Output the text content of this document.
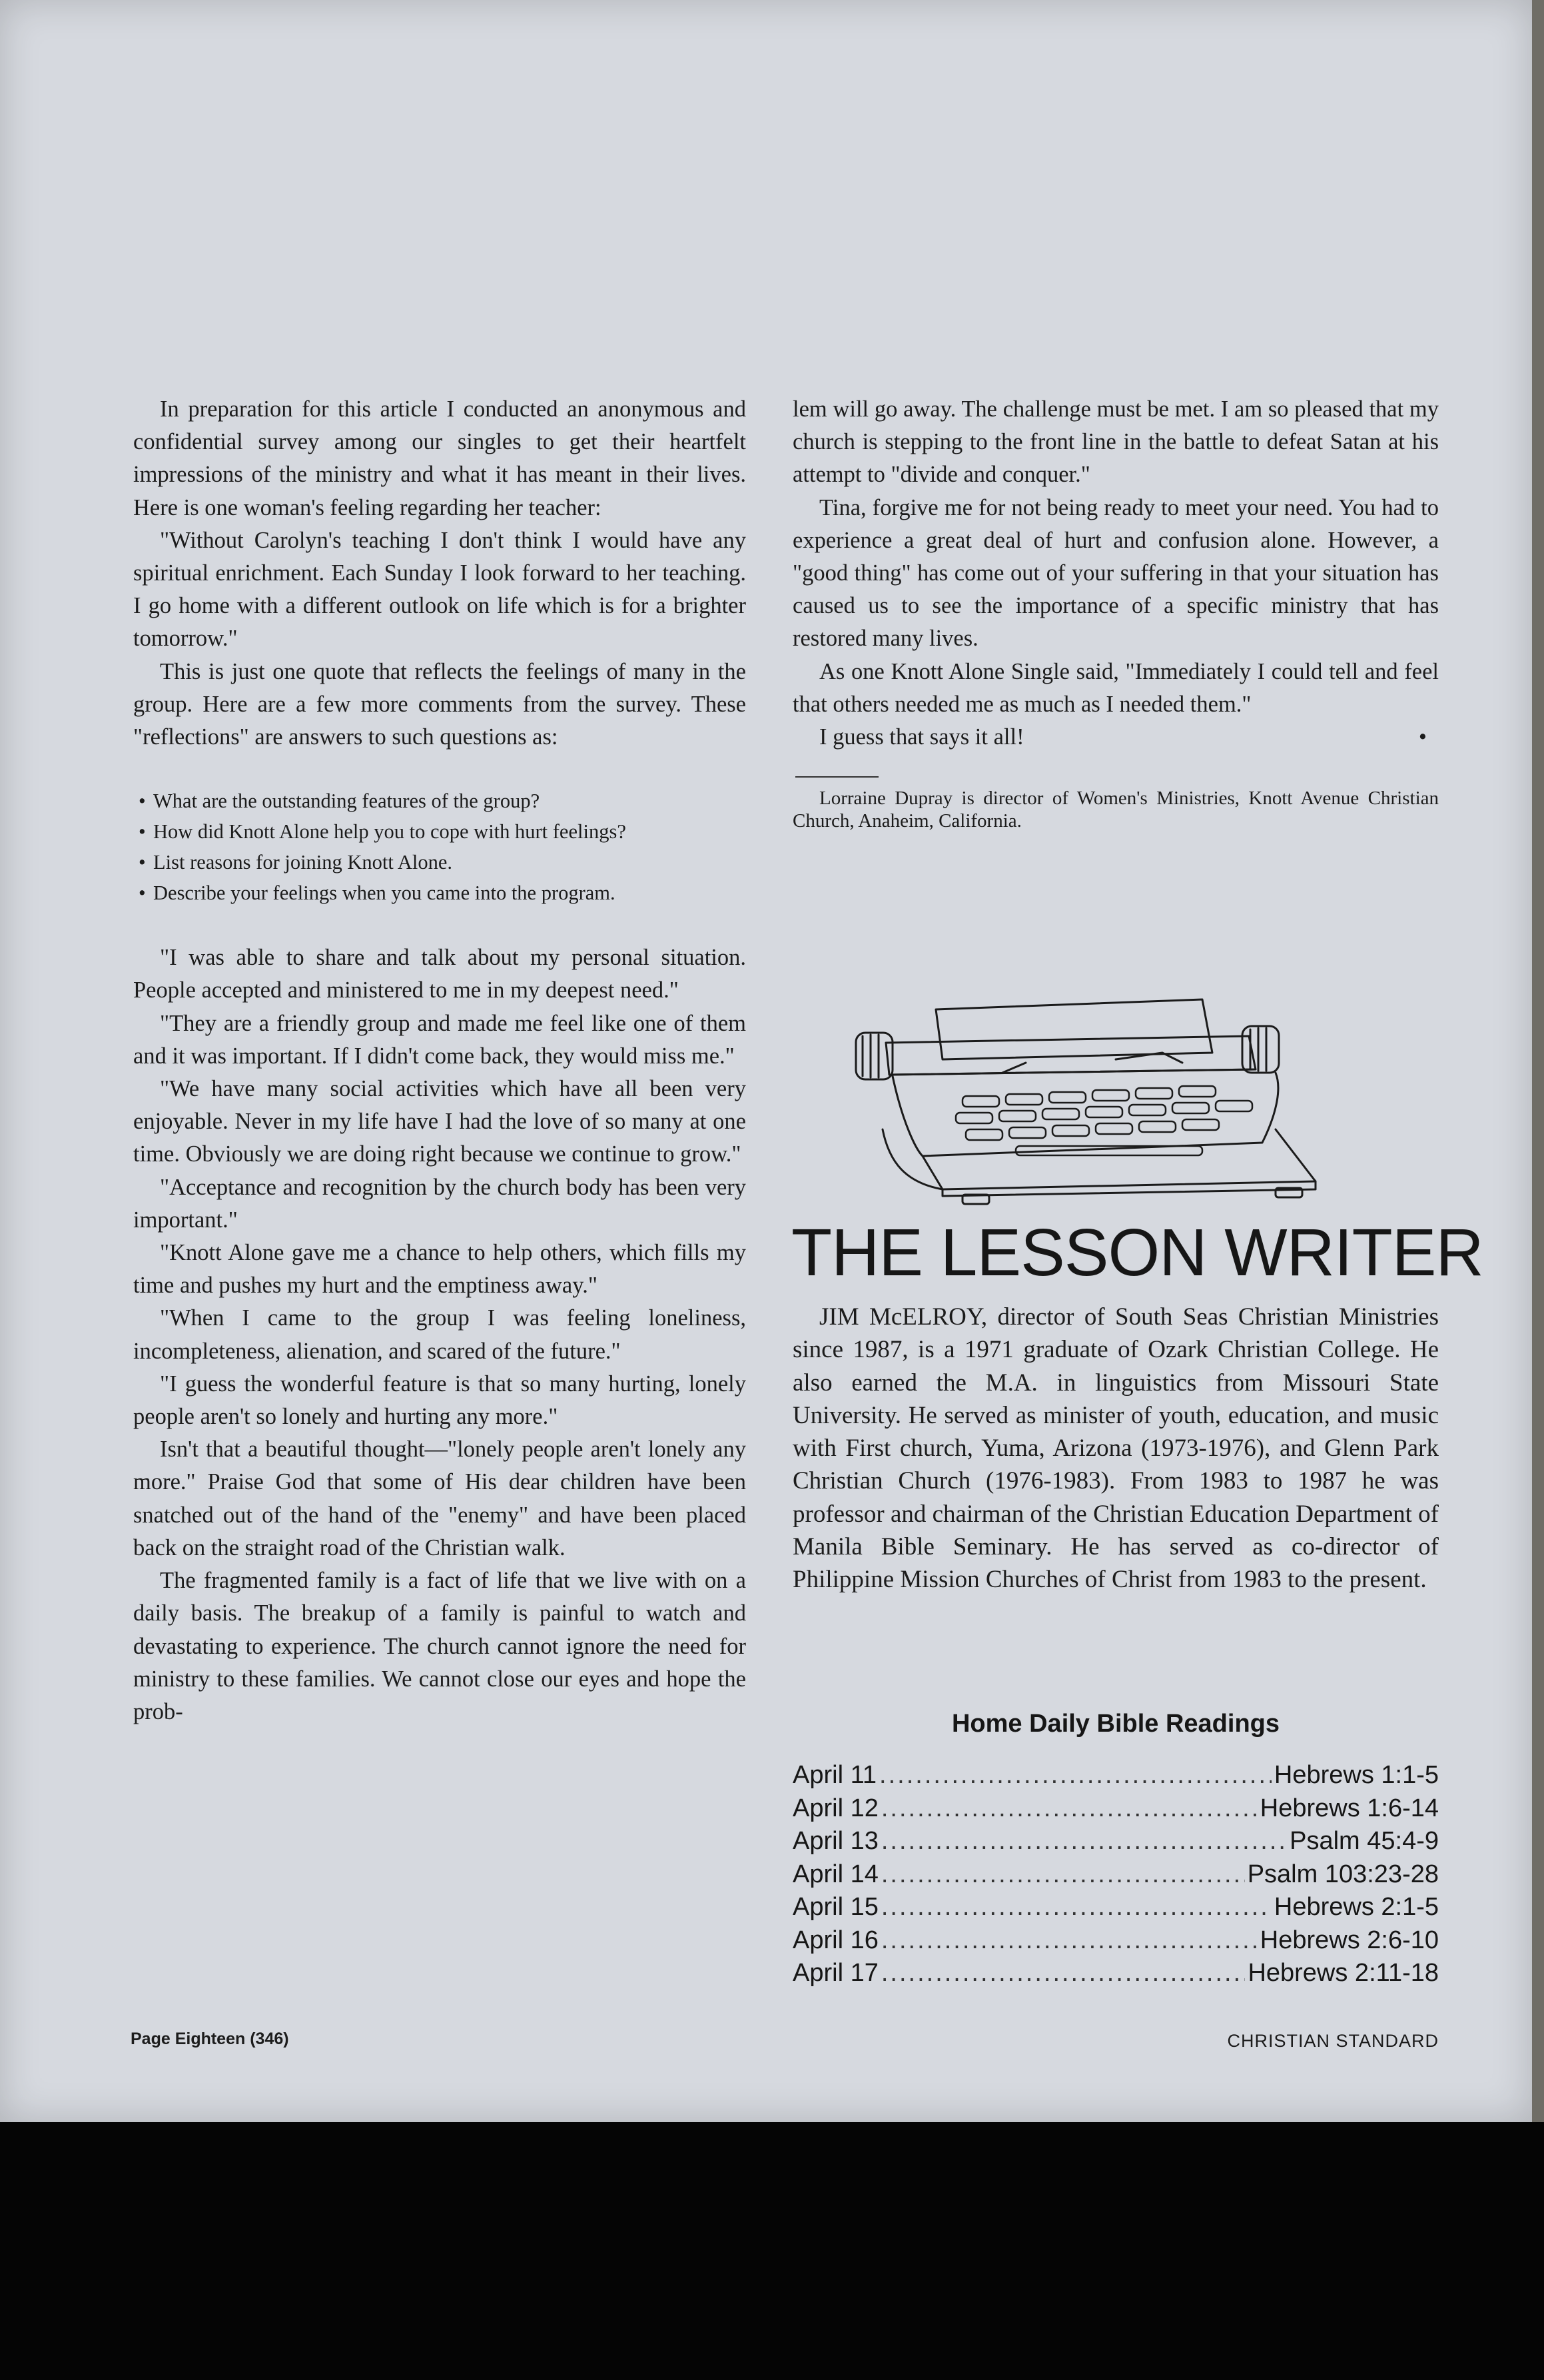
In preparation for this article I conducted an anonymous and confidential survey among our singles to get their heartfelt impressions of the ministry and what it has meant in their lives. Here is one woman's feeling regarding her teacher:

"Without Carolyn's teaching I don't think I would have any spiritual enrichment. Each Sunday I look forward to her teaching. I go home with a different outlook on life which is for a brighter tomorrow."

This is just one quote that reflects the feelings of many in the group. Here are a few more comments from the survey. These "reflections" are answers to such questions as:

• What are the outstanding features of the group?
• How did Knott Alone help you to cope with hurt feelings?
• List reasons for joining Knott Alone.
• Describe your feelings when you came into the program.

"I was able to share and talk about my personal situation. People accepted and ministered to me in my deepest need."

"They are a friendly group and made me feel like one of them and it was important. If I didn't come back, they would miss me."

"We have many social activities which have all been very enjoyable. Never in my life have I had the love of so many at one time. Obviously we are doing right because we continue to grow."

"Acceptance and recognition by the church body has been very important."

"Knott Alone gave me a chance to help others, which fills my time and pushes my hurt and the emptiness away."

"When I came to the group I was feeling loneliness, incompleteness, alienation, and scared of the future."

"I guess the wonderful feature is that so many hurting, lonely people aren't so lonely and hurting any more."

Isn't that a beautiful thought—"lonely people aren't lonely any more." Praise God that some of His dear children have been snatched out of the hand of the "enemy" and have been placed back on the straight road of the Christian walk.

The fragmented family is a fact of life that we live with on a daily basis. The breakup of a family is painful to watch and devastating to experience. The church cannot ignore the need for ministry to these families. We cannot close our eyes and hope the prob-

lem will go away. The challenge must be met. I am so pleased that my church is stepping to the front line in the battle to defeat Satan at his attempt to "divide and conquer."

Tina, forgive me for not being ready to meet your need. You had to experience a great deal of hurt and confusion alone. However, a "good thing" has come out of your suffering in that your situation has caused us to see the importance of a specific ministry that has restored many lives.

As one Knott Alone Single said, "Immediately I could tell and feel that others needed me as much as I needed them."

I guess that says it all!	•

Lorraine Dupray is director of Women's Ministries, Knott Avenue Christian Church, Anaheim, California.

THE LESSON WRITER

JIM McELROY, director of South Seas Christian Ministries since 1987, is a 1971 graduate of Ozark Christian College. He also earned the M.A. in linguistics from Missouri State University. He served as minister of youth, education, and music with First church, Yuma, Arizona (1973-1976), and Glenn Park Christian Church (1976-1983). From 1983 to 1987 he was professor and chairman of the Christian Education Department of Manila Bible Seminary. He has served as co-director of Philippine Mission Churches of Christ from 1983 to the present.

Home Daily Bible Readings
April 11 .....	Hebrews 1:1-5
April 12 .....	Hebrews 1:6-14
April 13 .....	Psalm 45:4-9
April 14 .....	Psalm 103:23-28
April 15 .....	Hebrews 2:1-5
April 16 .....	Hebrews 2:6-10
April 17 .....	Hebrews 2:11-18
Page Eighteen (346)	CHRISTIAN STANDARD
